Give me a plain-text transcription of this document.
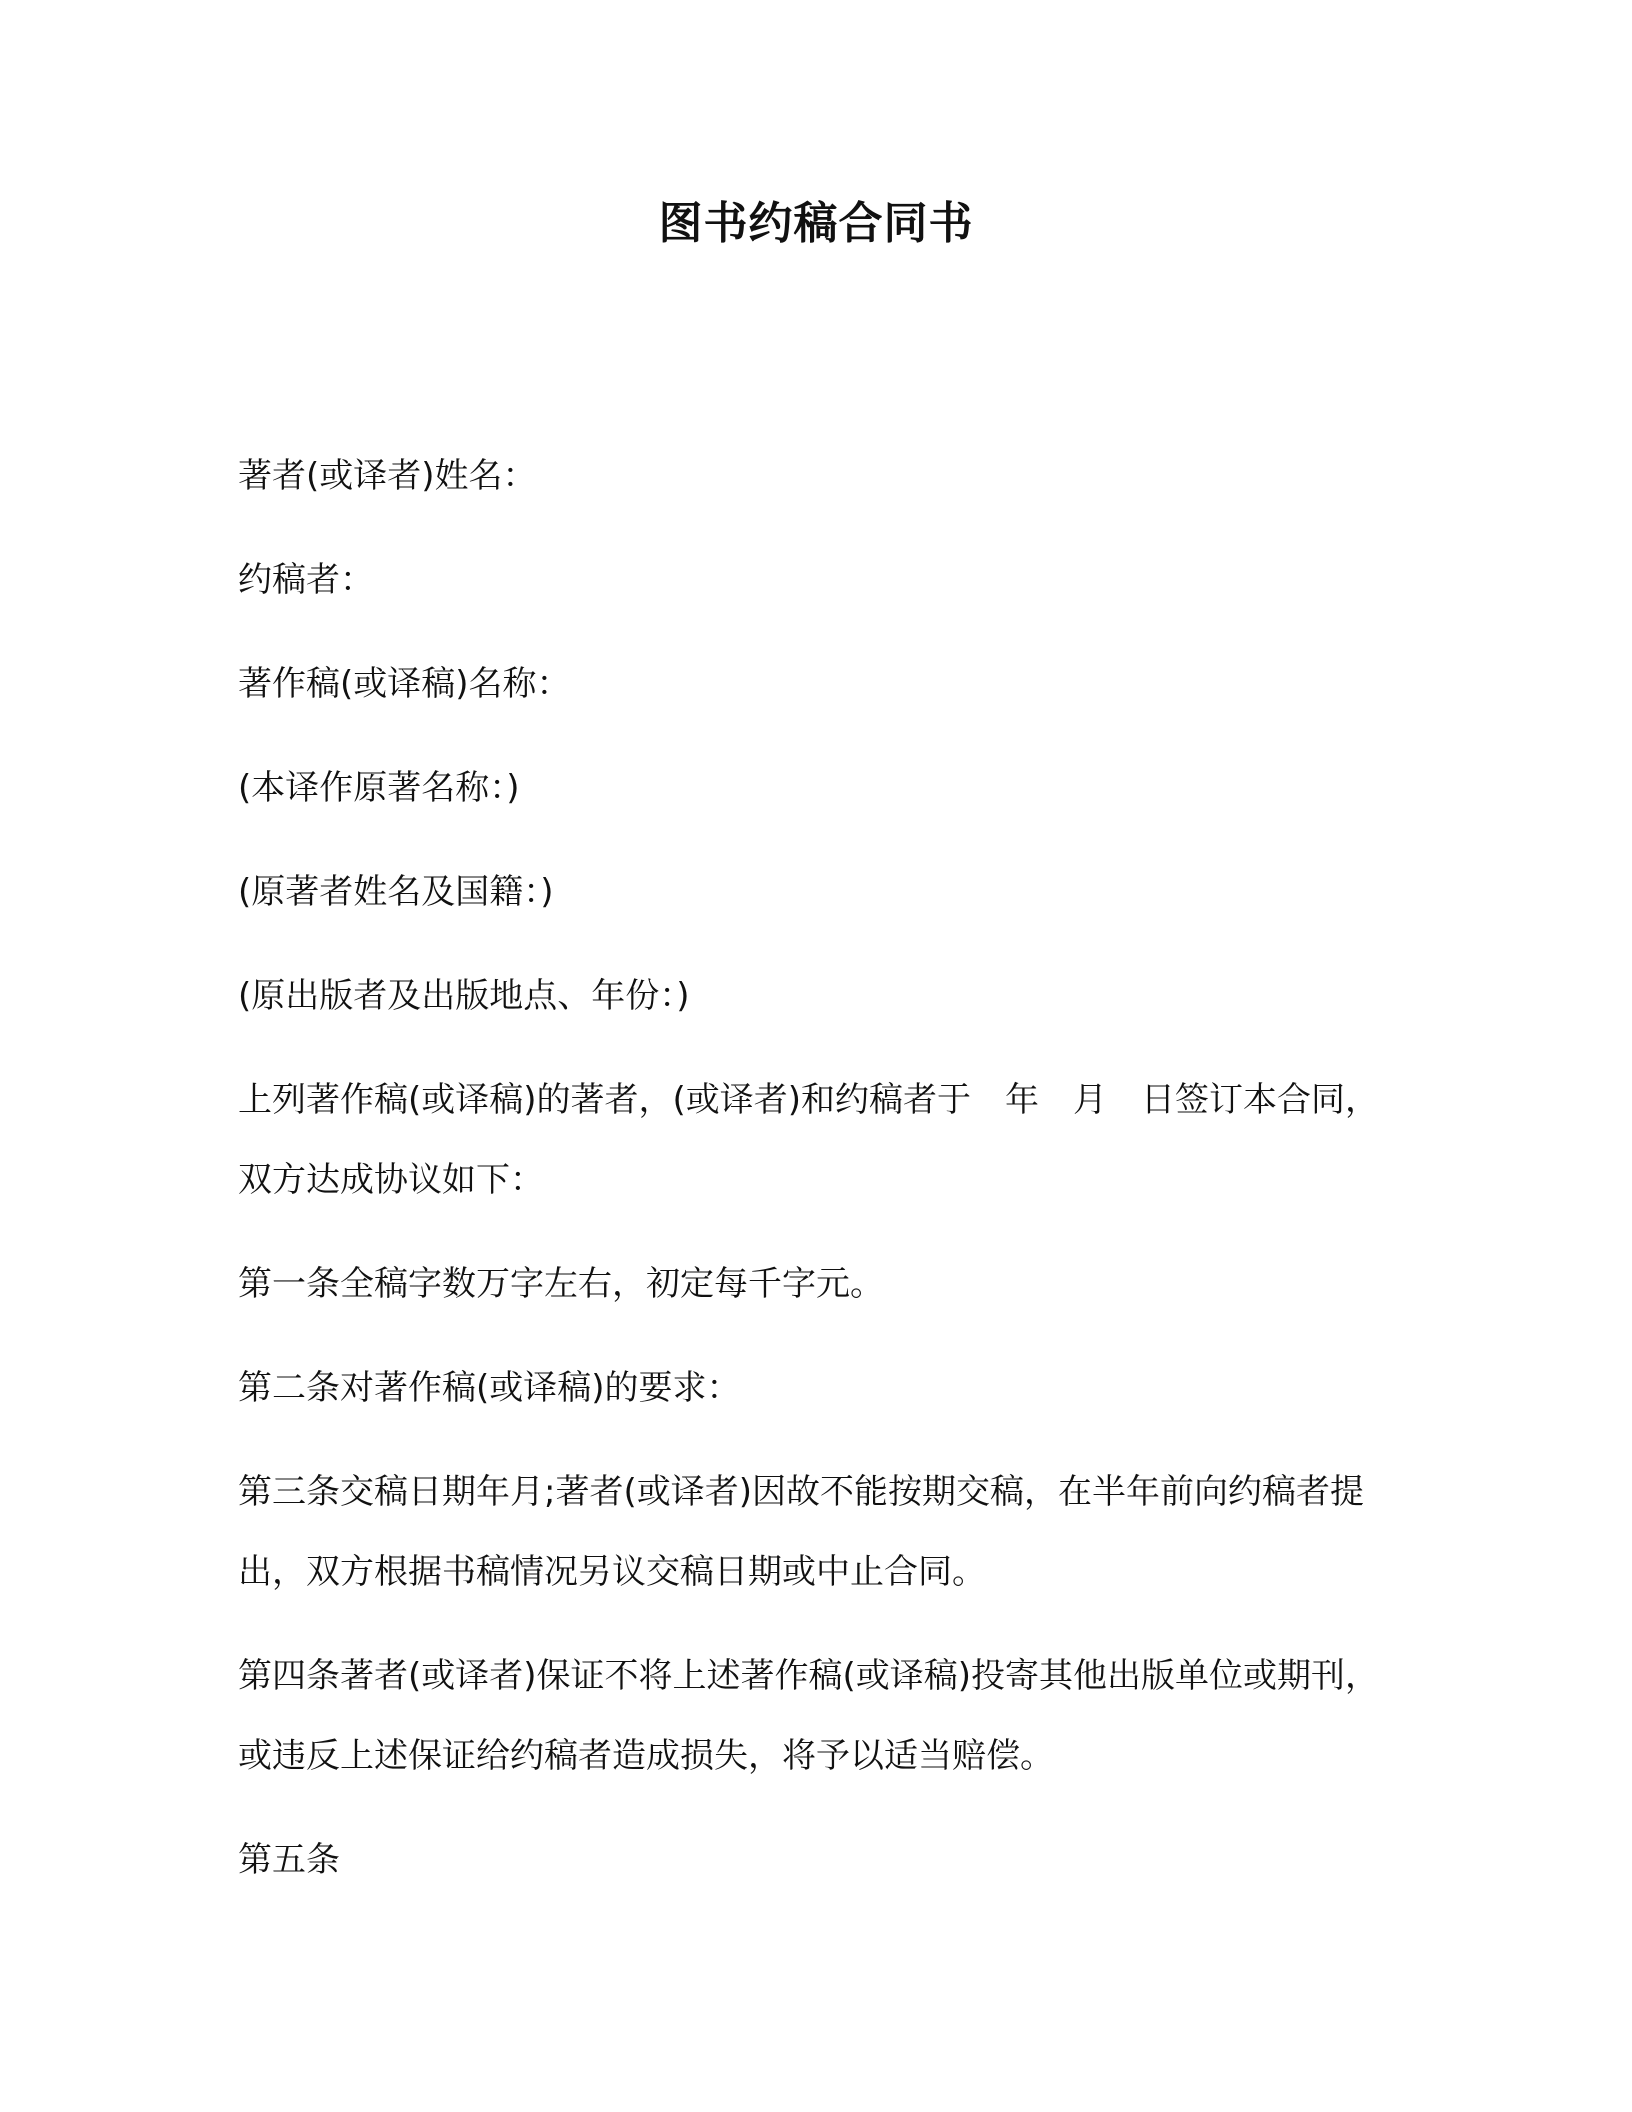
图书约稿合同书

著者(或译者)姓名：

约稿者：

著作稿(或译稿)名称：

(本译作原著名称：)

(原著者姓名及国籍：)

(原出版者及出版地点、年份：)

上列著作稿(或译稿)的著者，(或译者)和约稿者于　年　月　日签订本合同，双方达成协议如下：

第一条全稿字数万字左右，初定每千字元。

第二条对著作稿(或译稿)的要求：

第三条交稿日期年月;著者(或译者)因故不能按期交稿，在半年前向约稿者提出，双方根据书稿情况另议交稿日期或中止合同。

第四条著者(或译者)保证不将上述著作稿(或译稿)投寄其他出版单位或期刊，或违反上述保证给约稿者造成损失，将予以适当赔偿。

第五条
